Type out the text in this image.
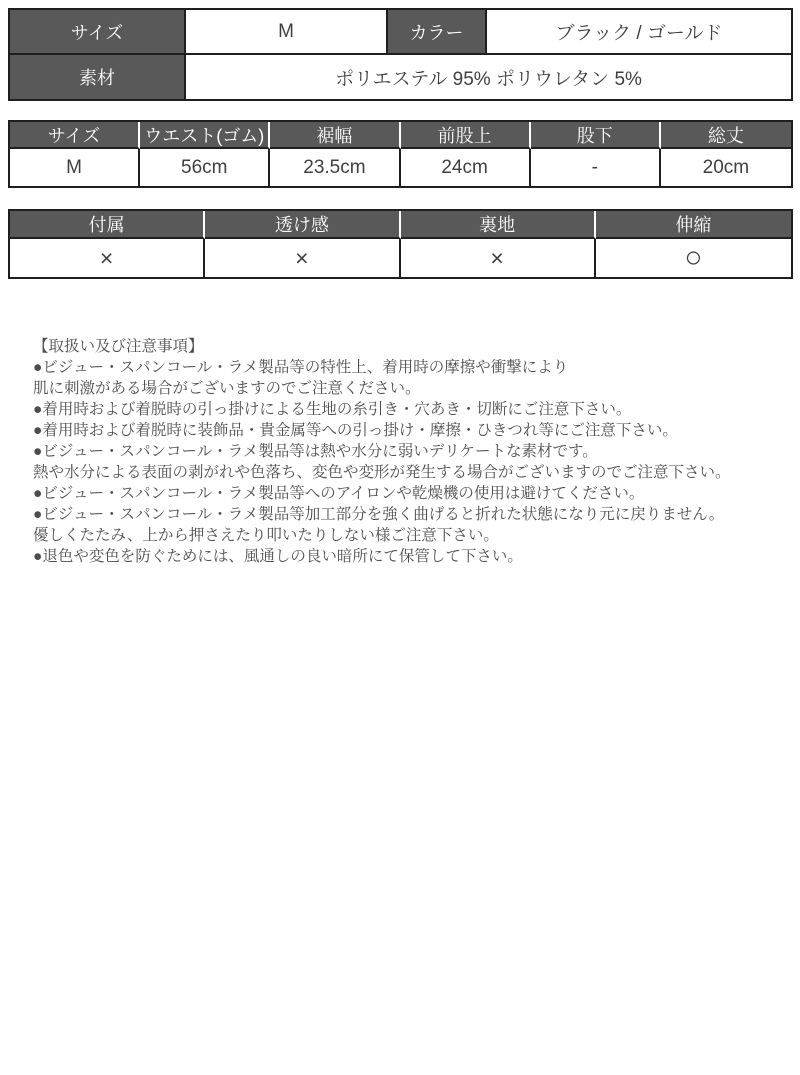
サイズ	M	カラー	ブラック / ゴールド
素材	ポリエステル 95% ポリウレタン 5%
サイズ	ウエスト(ゴム)	裾幅	前股上	股下	総丈
M	56cm	23.5cm	24cm	-	20cm
付属	透け感	裏地	伸縮
×	×	×	○
【取扱い及び注意事項】
●ビジュー・スパンコール・ラメ製品等の特性上、着用時の摩擦や衝撃により
肌に刺激がある場合がございますのでご注意ください。
●着用時および着脱時の引っ掛けによる生地の糸引き・穴あき・切断にご注意下さい。
●着用時および着脱時に装飾品・貴金属等への引っ掛け・摩擦・ひきつれ等にご注意下さい。
●ビジュー・スパンコール・ラメ製品等は熱や水分に弱いデリケートな素材です。
熱や水分による表面の剥がれや色落ち、変色や変形が発生する場合がございますのでご注意下さい。
●ビジュー・スパンコール・ラメ製品等へのアイロンや乾燥機の使用は避けてください。
●ビジュー・スパンコール・ラメ製品等加工部分を強く曲げると折れた状態になり元に戻りません。
優しくたたみ、上から押さえたり叩いたりしない様ご注意下さい。
●退色や変色を防ぐためには、風通しの良い暗所にて保管して下さい。
